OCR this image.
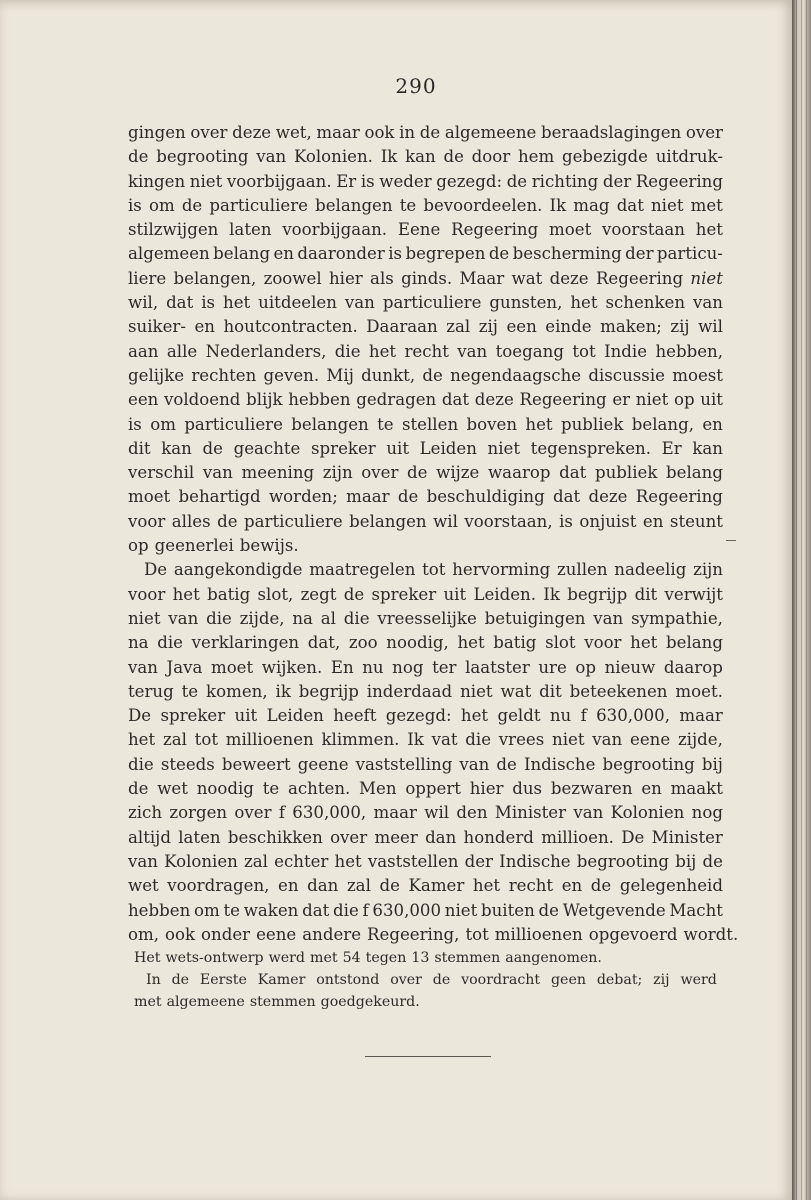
290
gingen over deze wet, maar ook in de algemeene beraadslagingen over
de begrooting van Kolonien. Ik kan de door hem gebezigde uitdruk-
kingen niet voorbijgaan. Er is weder gezegd: de richting der Regeering
is om de particuliere belangen te bevoordeelen. Ik mag dat niet met
stilzwijgen laten voorbijgaan. Eene Regeering moet voorstaan het
algemeen belang en daaronder is begrepen de bescherming der particu-
liere belangen, zoowel hier als ginds. Maar wat deze Regeering niet
wil, dat is het uitdeelen van particuliere gunsten, het schenken van
suiker- en houtcontracten. Daaraan zal zij een einde maken; zij wil
aan alle Nederlanders, die het recht van toegang tot Indie hebben,
gelijke rechten geven. Mij dunkt, de negendaagsche discussie moest
een voldoend blijk hebben gedragen dat deze Regeering er niet op uit
is om particuliere belangen te stellen boven het publiek belang, en
dit kan de geachte spreker uit Leiden niet tegenspreken. Er kan
verschil van meening zijn over de wijze waarop dat publiek belang
moet behartigd worden; maar de beschuldiging dat deze Regeering
voor alles de particuliere belangen wil voorstaan, is onjuist en steunt
op geenerlei bewijs.
De aangekondigde maatregelen tot hervorming zullen nadeelig zijn
voor het batig slot, zegt de spreker uit Leiden. Ik begrijp dit verwijt
niet van die zijde, na al die vreesselijke betuigingen van sympathie,
na die verklaringen dat, zoo noodig, het batig slot voor het belang
van Java moet wijken. En nu nog ter laatster ure op nieuw daarop
terug te komen, ik begrijp inderdaad niet wat dit beteekenen moet.
De spreker uit Leiden heeft gezegd: het geldt nu f 630,000, maar
het zal tot millioenen klimmen. Ik vat die vrees niet van eene zijde,
die steeds beweert geene vaststelling van de Indische begrooting bij
de wet noodig te achten. Men oppert hier dus bezwaren en maakt
zich zorgen over f 630,000, maar wil den Minister van Kolonien nog
altijd laten beschikken over meer dan honderd millioen. De Minister
van Kolonien zal echter het vaststellen der Indische begrooting bij de
wet voordragen, en dan zal de Kamer het recht en de gelegenheid
hebben om te waken dat die f 630,000 niet buiten de Wetgevende Macht
om, ook onder eene andere Regeering, tot millioenen opgevoerd wordt.
Het wets-ontwerp werd met 54 tegen 13 stemmen aangenomen.
In de Eerste Kamer ontstond over de voordracht geen debat; zij werd
met algemeene stemmen goedgekeurd.
